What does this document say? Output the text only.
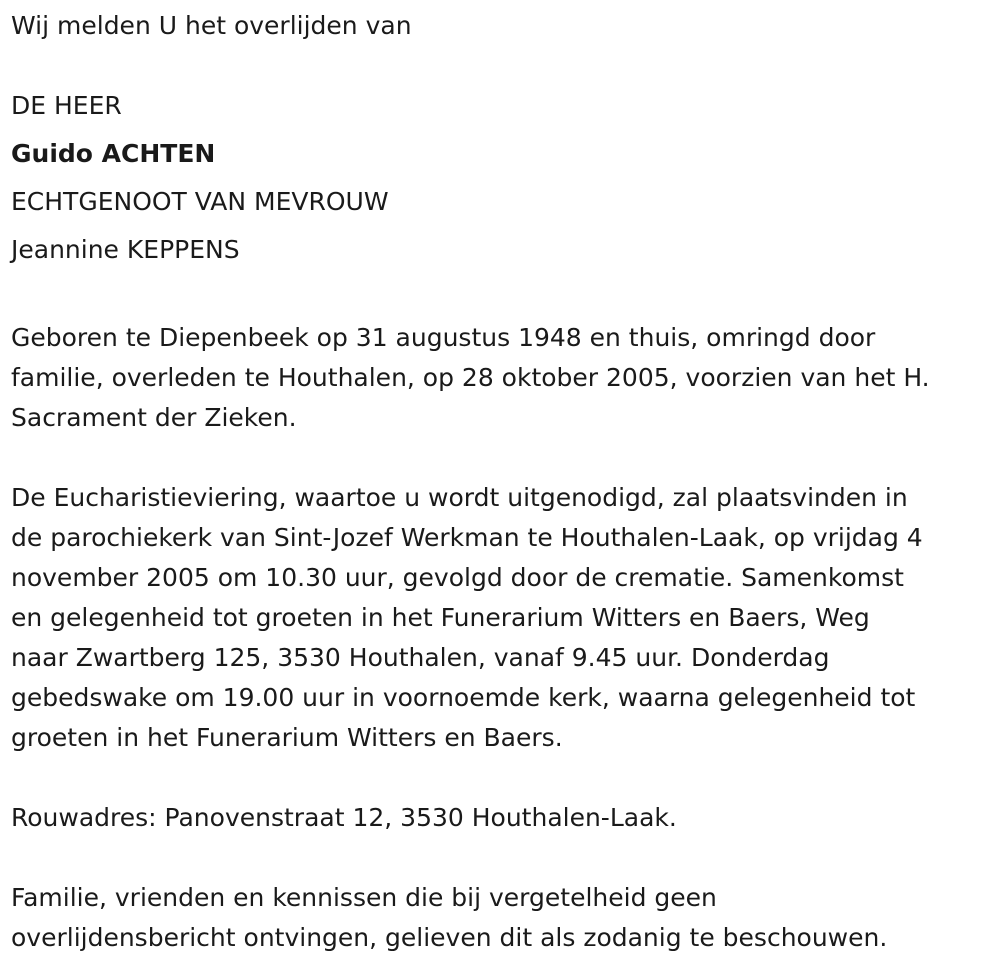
Wij melden U het overlijden van

DE HEER

Guido ACHTEN

ECHTGENOOT VAN MEVROUW

Jeannine KEPPENS

Geboren te Diepenbeek op 31 augustus 1948 en thuis, omringd door

familie, overleden te Houthalen, op 28 oktober 2005, voorzien van het H.

Sacrament der Zieken.

De Eucharistieviering, waartoe u wordt uitgenodigd, zal plaatsvinden in

de parochiekerk van Sint-Jozef Werkman te Houthalen-Laak, op vrijdag 4

november 2005 om 10.30 uur, gevolgd door de crematie. Samenkomst

en gelegenheid tot groeten in het Funerarium Witters en Baers, Weg

naar Zwartberg 125, 3530 Houthalen, vanaf 9.45 uur. Donderdag

gebedswake om 19.00 uur in voornoemde kerk, waarna gelegenheid tot

groeten in het Funerarium Witters en Baers.

Rouwadres: Panovenstraat 12, 3530 Houthalen-Laak.

Familie, vrienden en kennissen die bij vergetelheid geen

overlijdensbericht ontvingen, gelieven dit als zodanig te beschouwen.
